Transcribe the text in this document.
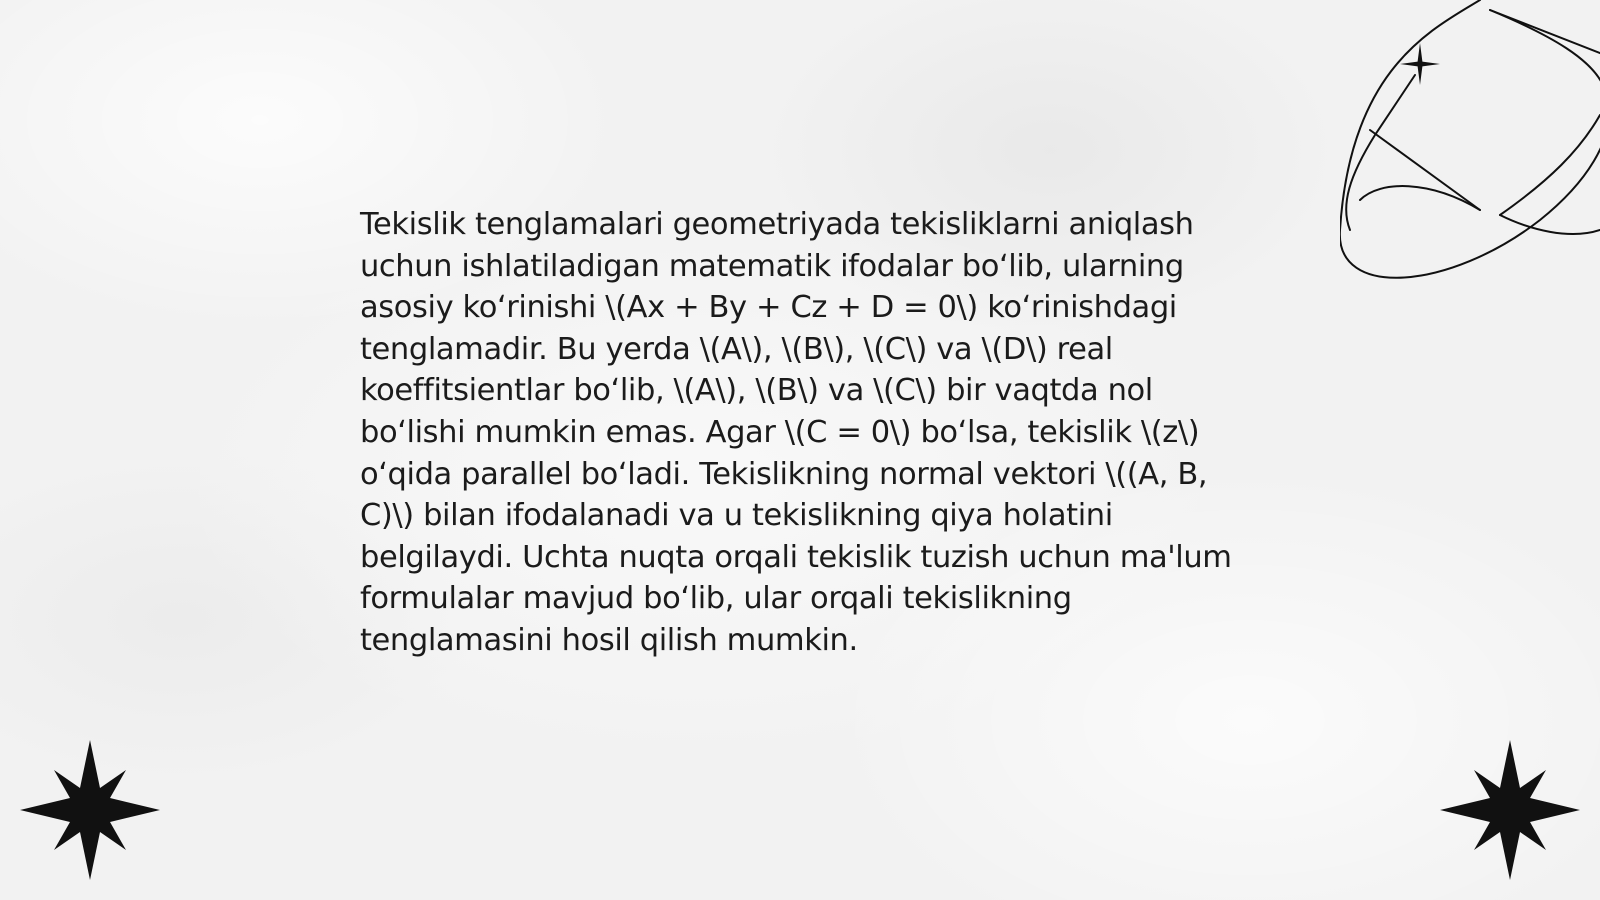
Tekislik tenglamalari geometriyada tekisliklarni aniqlash uchun ishlatiladigan matematik ifodalar bo‘lib, ularning asosiy ko‘rinishi \(Ax + By + Cz + D = 0\) ko‘rinishdagi tenglamadir. Bu yerda \(A\), \(B\), \(C\) va \(D\) real koeffitsientlar bo‘lib, \(A\), \(B\) va \(C\) bir vaqtda nol bo‘lishi mumkin emas. Agar \(C = 0\) bo‘lsa, tekislik \(z\) o‘qida parallel bo‘ladi. Tekislikning normal vektori \((A, B, C)\) bilan ifodalanadi va u tekislikning qiya holatini belgilaydi. Uchta nuqta orqali tekislik tuzish uchun ma'lum formulalar mavjud bo‘lib, ular orqali tekislikning tenglamasini hosil qilish mumkin.
